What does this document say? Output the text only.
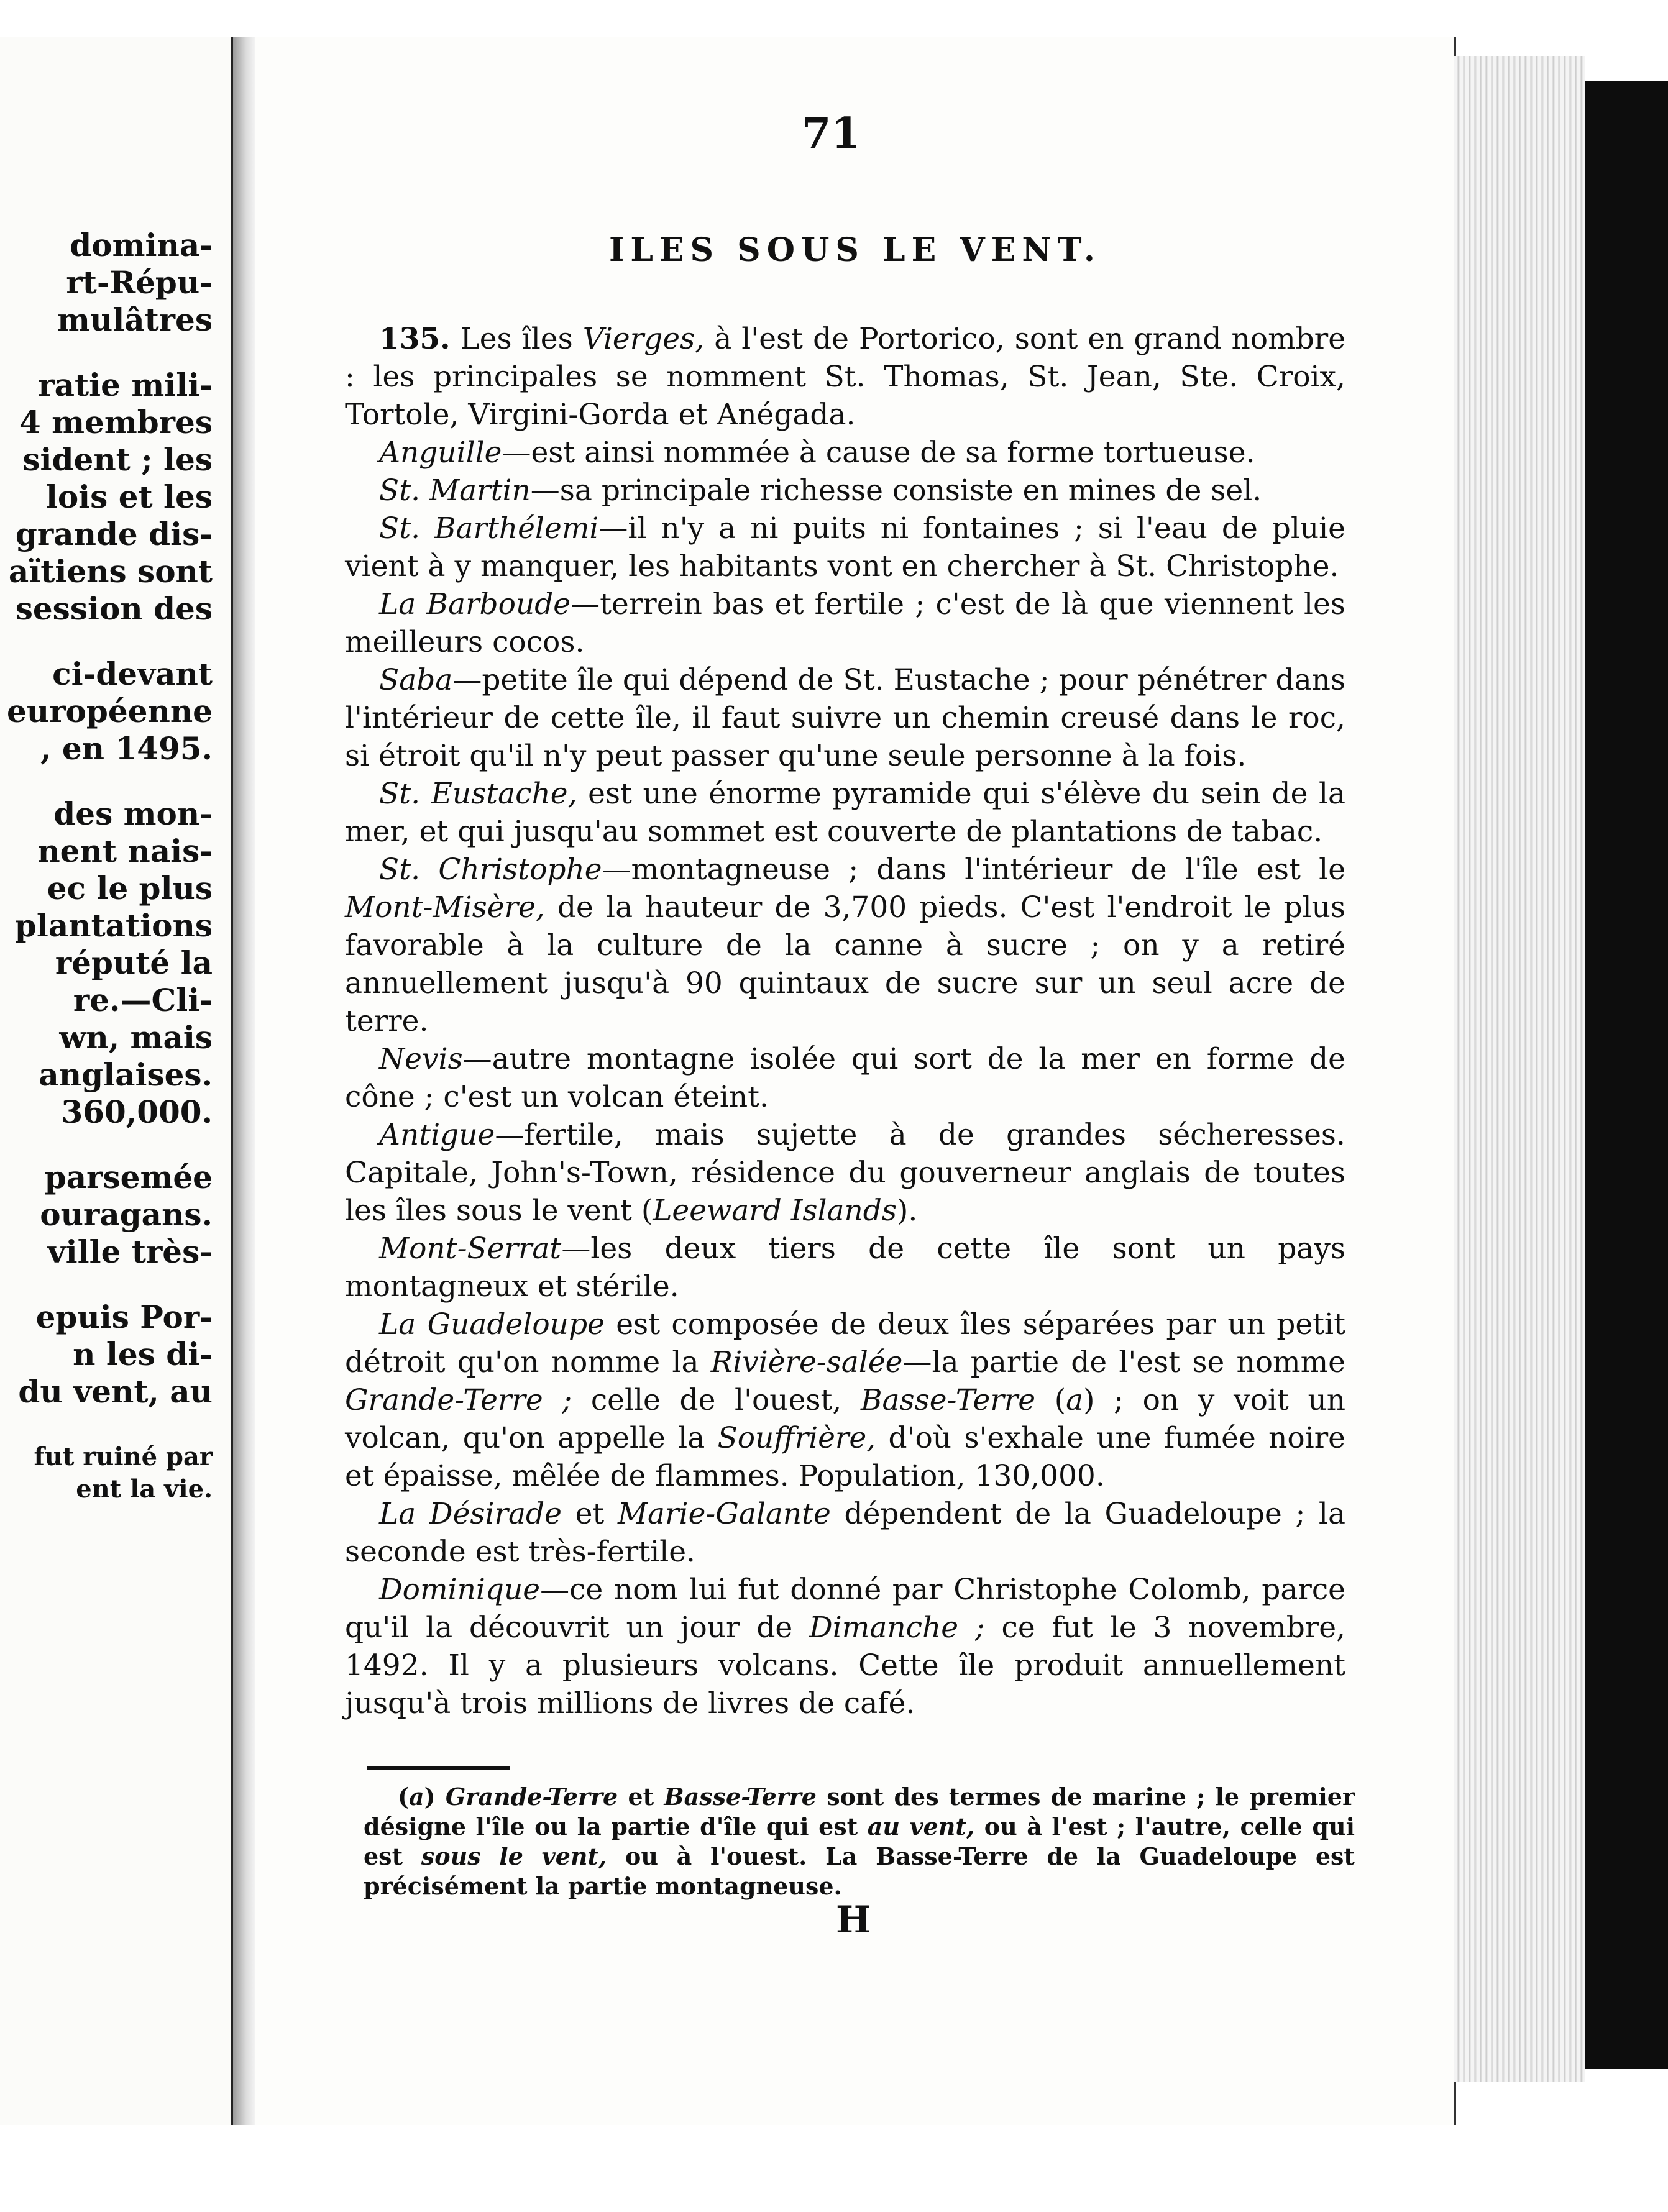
domina-
rt-Répu-
mulâtres
ratie mili-
4 membres
sident ; les
lois et les
grande dis-
aïtiens sont
session des
ci-devant
européenne
, en 1495.
des mon-
nent nais-
ec le plus
plantations
réputé la
re.—Cli-
wn, mais
anglaises.
360,000.
parsemée
ouragans.
ville très-
epuis Por-
n les di-
du vent, au
fut ruiné par
ent la vie.
71
ILES SOUS LE VENT.

135. Les îles Vierges, à l'est de Portorico, sont en grand nombre : les principales se nomment St. Thomas, St. Jean, Ste. Croix, Tortole, Virgini-Gorda et Anégada.

Anguille—est ainsi nommée à cause de sa forme tortueuse.

St. Martin—sa principale richesse consiste en mines de sel.

St. Barthélemi—il n'y a ni puits ni fontaines ; si l'eau de pluie vient à y manquer, les habitants vont en chercher à St. Christophe.

La Barboude—terrein bas et fertile ; c'est de là que viennent les meilleurs cocos.

Saba—petite île qui dépend de St. Eustache ; pour pénétrer dans l'intérieur de cette île, il faut suivre un chemin creusé dans le roc, si étroit qu'il n'y peut passer qu'une seule personne à la fois.

St. Eustache, est une énorme pyramide qui s'élève du sein de la mer, et qui jusqu'au sommet est couverte de plantations de tabac.

St. Christophe—montagneuse ; dans l'intérieur de l'île est le Mont-Misère, de la hauteur de 3,700 pieds. C'est l'endroit le plus favorable à la culture de la canne à sucre ; on y a retiré annuellement jusqu'à 90 quintaux de sucre sur un seul acre de terre.

Nevis—autre montagne isolée qui sort de la mer en forme de cône ; c'est un volcan éteint.

Antigue—fertile, mais sujette à de grandes sécheresses. Capitale, John's-Town, résidence du gouverneur anglais de toutes les îles sous le vent (Leeward Islands).

Mont-Serrat—les deux tiers de cette île sont un pays montagneux et stérile.

La Guadeloupe est composée de deux îles séparées par un petit détroit qu'on nomme la Rivière-salée—la partie de l'est se nomme Grande-Terre ; celle de l'ouest, Basse-Terre (a) ; on y voit un volcan, qu'on appelle la Souffrière, d'où s'exhale une fumée noire et épaisse, mêlée de flammes. Population, 130,000.

La Désirade et Marie-Galante dépendent de la Guadeloupe ; la seconde est très-fertile.

Dominique—ce nom lui fut donné par Christophe Colomb, parce qu'il la découvrit un jour de Dimanche ; ce fut le 3 novembre, 1492. Il y a plusieurs volcans. Cette île produit annuellement jusqu'à trois millions de livres de café.

(a) Grande-Terre et Basse-Terre sont des termes de marine ; le premier désigne l'île ou la partie d'île qui est au vent, ou à l'est ; l'autre, celle qui est sous le vent, ou à l'ouest. La Basse-Terre de la Guadeloupe est précisément la partie montagneuse.

H
